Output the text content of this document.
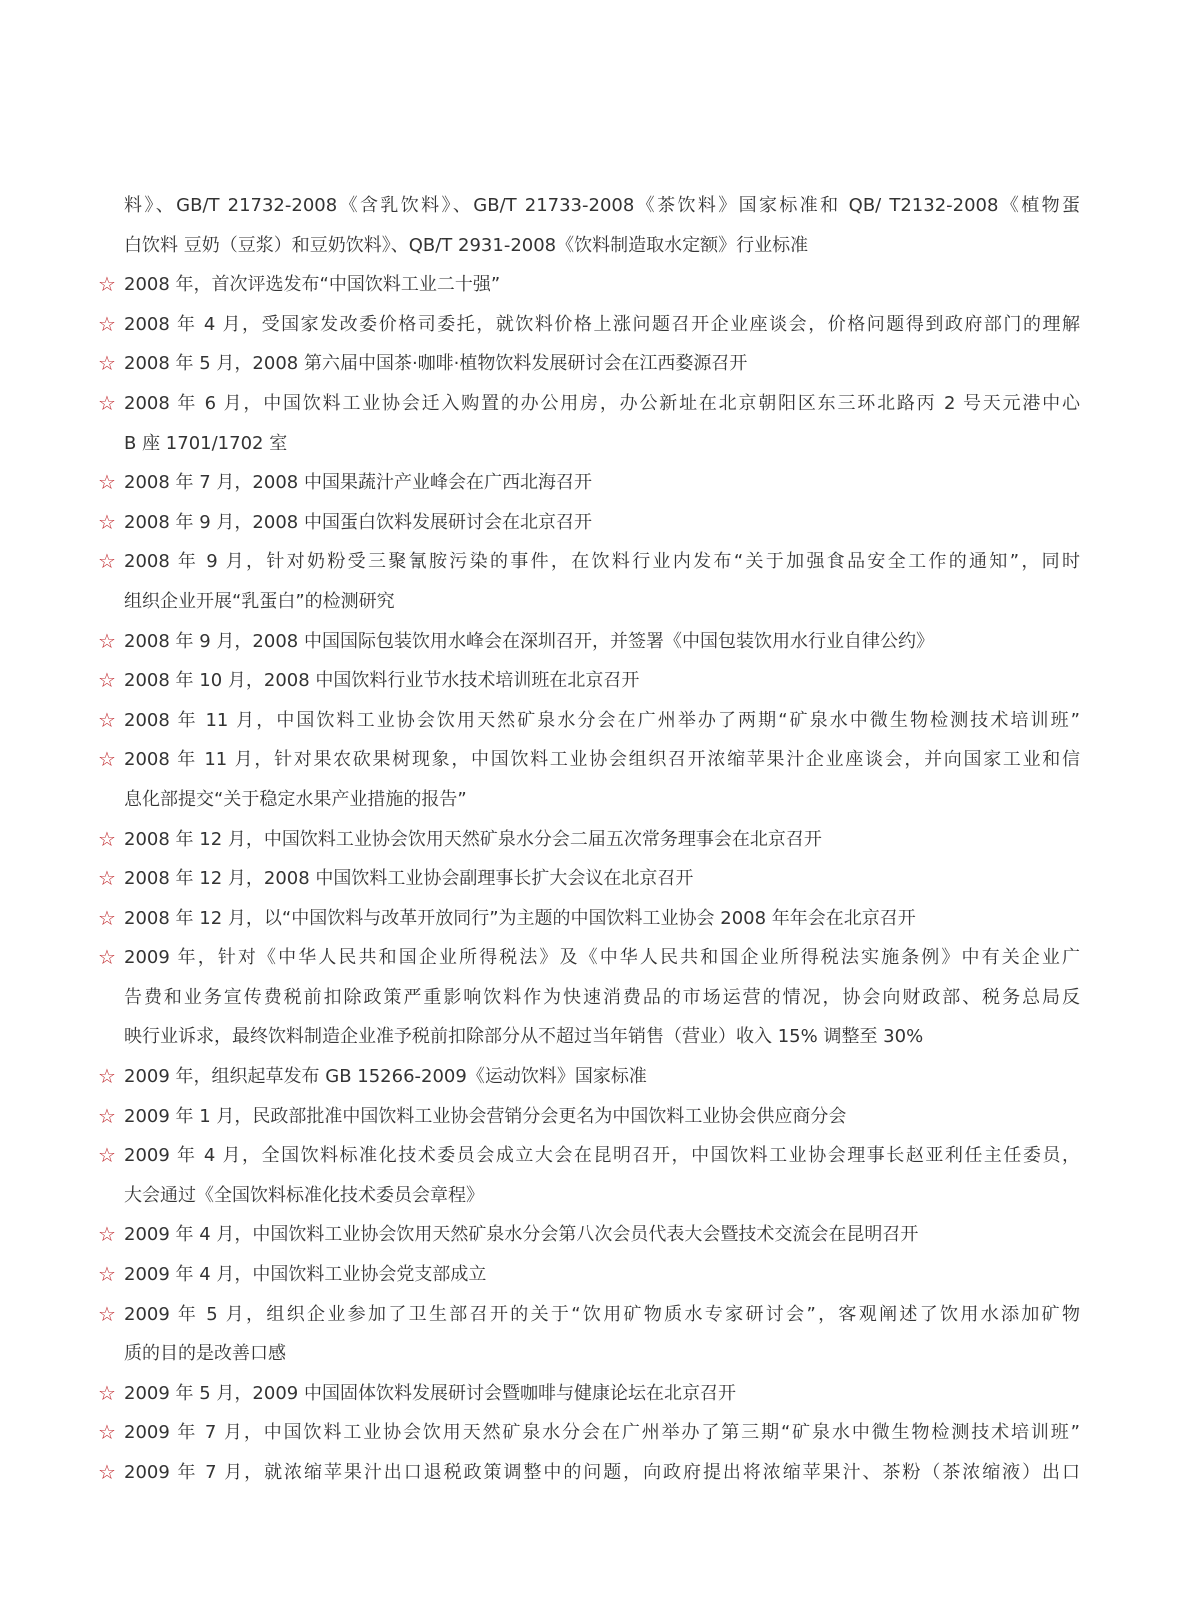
料》、GB/T 21732-2008《含乳饮料》、GB/T 21733-2008《茶饮料》国家标准和 QB/ T2132-2008《植物蛋
白饮料 豆奶（豆浆）和豆奶饮料》、QB/T 2931-2008《饮料制造取水定额》行业标准
☆ 2008 年，首次评选发布“中国饮料工业二十强”
☆ 2008 年 4 月，受国家发改委价格司委托，就饮料价格上涨问题召开企业座谈会，价格问题得到政府部门的理解
☆ 2008 年 5 月，2008 第六届中国茶·咖啡·植物饮料发展研讨会在江西婺源召开
☆ 2008 年 6 月，中国饮料工业协会迁入购置的办公用房，办公新址在北京朝阳区东三环北路丙 2 号天元港中心
B 座 1701/1702 室
☆ 2008 年 7 月，2008 中国果蔬汁产业峰会在广西北海召开
☆ 2008 年 9 月，2008 中国蛋白饮料发展研讨会在北京召开
☆ 2008 年 9 月，针对奶粉受三聚氰胺污染的事件，在饮料行业内发布“关于加强食品安全工作的通知”，同时
组织企业开展“乳蛋白”的检测研究
☆ 2008 年 9 月，2008 中国国际包装饮用水峰会在深圳召开，并签署《中国包装饮用水行业自律公约》
☆ 2008 年 10 月，2008 中国饮料行业节水技术培训班在北京召开
☆ 2008 年 11 月，中国饮料工业协会饮用天然矿泉水分会在广州举办了两期“矿泉水中微生物检测技术培训班”
☆ 2008 年 11 月，针对果农砍果树现象，中国饮料工业协会组织召开浓缩苹果汁企业座谈会，并向国家工业和信
息化部提交“关于稳定水果产业措施的报告”
☆ 2008 年 12 月，中国饮料工业协会饮用天然矿泉水分会二届五次常务理事会在北京召开
☆ 2008 年 12 月，2008 中国饮料工业协会副理事长扩大会议在北京召开
☆ 2008 年 12 月，以“中国饮料与改革开放同行”为主题的中国饮料工业协会 2008 年年会在北京召开
☆ 2009 年，针对《中华人民共和国企业所得税法》及《中华人民共和国企业所得税法实施条例》中有关企业广
告费和业务宣传费税前扣除政策严重影响饮料作为快速消费品的市场运营的情况，协会向财政部、税务总局反
映行业诉求，最终饮料制造企业准予税前扣除部分从不超过当年销售（营业）收入 15% 调整至 30%
☆ 2009 年，组织起草发布 GB 15266-2009《运动饮料》国家标准
☆ 2009 年 1 月，民政部批准中国饮料工业协会营销分会更名为中国饮料工业协会供应商分会
☆ 2009 年 4 月，全国饮料标准化技术委员会成立大会在昆明召开，中国饮料工业协会理事长赵亚利任主任委员，
大会通过《全国饮料标准化技术委员会章程》
☆ 2009 年 4 月，中国饮料工业协会饮用天然矿泉水分会第八次会员代表大会暨技术交流会在昆明召开
☆ 2009 年 4 月，中国饮料工业协会党支部成立
☆ 2009 年 5 月，组织企业参加了卫生部召开的关于“饮用矿物质水专家研讨会”，客观阐述了饮用水添加矿物
质的目的是改善口感
☆ 2009 年 5 月，2009 中国固体饮料发展研讨会暨咖啡与健康论坛在北京召开
☆ 2009 年 7 月，中国饮料工业协会饮用天然矿泉水分会在广州举办了第三期“矿泉水中微生物检测技术培训班”
☆ 2009 年 7 月，就浓缩苹果汁出口退税政策调整中的问题，向政府提出将浓缩苹果汁、茶粉（茶浓缩液）出口
